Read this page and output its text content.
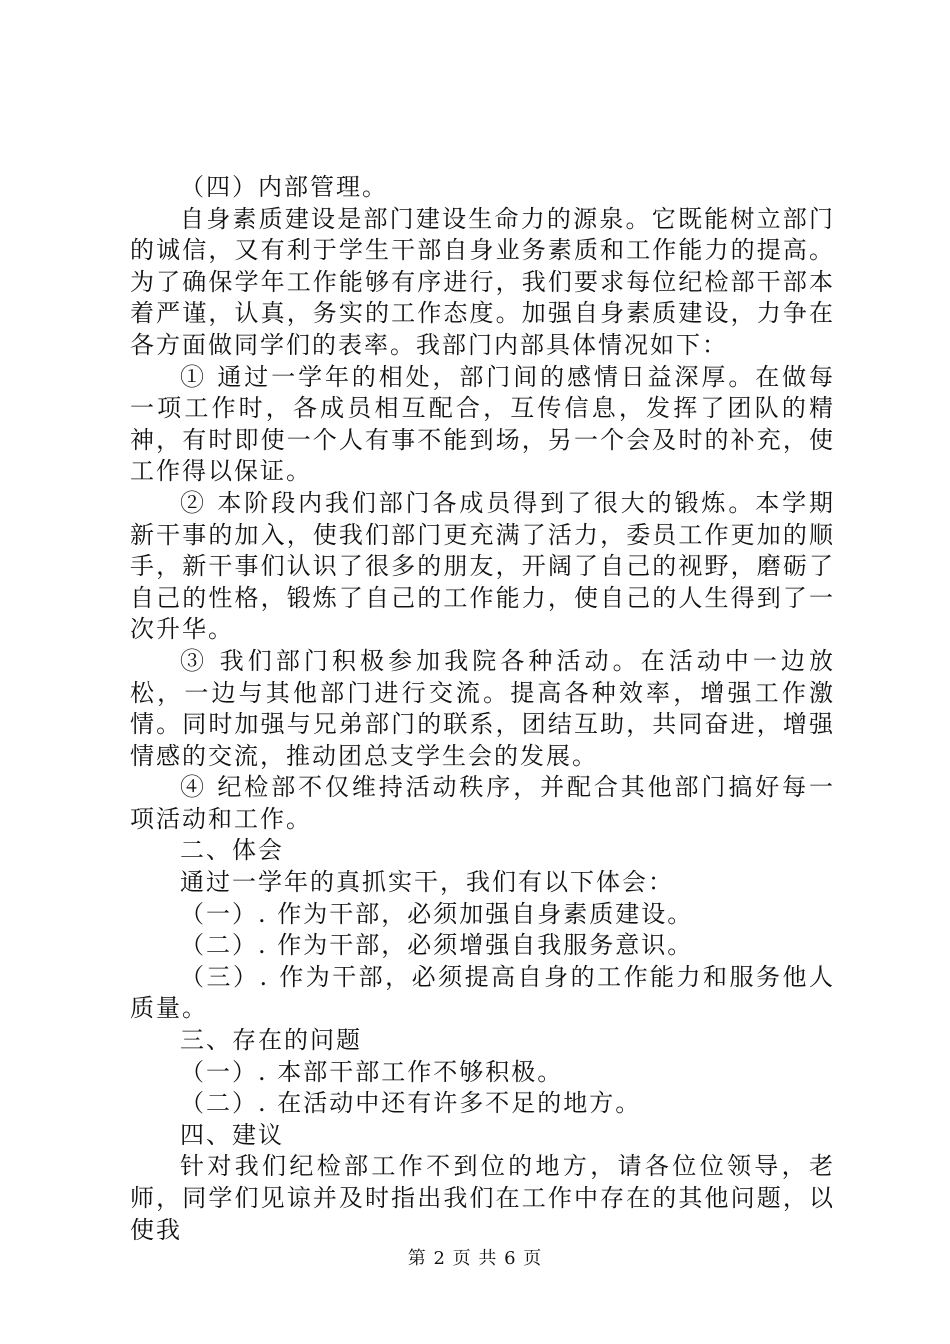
（四）内部管理。

自身素质建设是部门建设生命力的源泉。它既能树立部门的诚信，又有利于学生干部自身业务素质和工作能力的提高。为了确保学年工作能够有序进行，我们要求每位纪检部干部本着严谨，认真，务实的工作态度。加强自身素质建设，力争在各方面做同学们的表率。我部门内部具体情况如下：

① 通过一学年的相处，部门间的感情日益深厚。在做每一项工作时，各成员相互配合，互传信息，发挥了团队的精神，有时即使一个人有事不能到场，另一个会及时的补充，使工作得以保证。

② 本阶段内我们部门各成员得到了很大的锻炼。本学期新干事的加入，使我们部门更充满了活力，委员工作更加的顺手，新干事们认识了很多的朋友，开阔了自己的视野，磨砺了自己的性格，锻炼了自己的工作能力，使自己的人生得到了一次升华。

③ 我们部门积极参加我院各种活动。在活动中一边放松，一边与其他部门进行交流。提高各种效率，增强工作激情。同时加强与兄弟部门的联系，团结互助，共同奋进，增强情感的交流，推动团总支学生会的发展。

④ 纪检部不仅维持活动秩序，并配合其他部门搞好每一项活动和工作。

二、体会

通过一学年的真抓实干，我们有以下体会：

（一）. 作为干部，必须加强自身素质建设。

（二）. 作为干部，必须增强自我服务意识。

（三）. 作为干部，必须提高自身的工作能力和服务他人质量。

三、存在的问题

（一）. 本部干部工作不够积极。

（二）. 在活动中还有许多不足的地方。

四、建议

针对我们纪检部工作不到位的地方，请各位位领导，老师，同学们见谅并及时指出我们在工作中存在的其他问题，以使我

第 2 页 共 6 页
